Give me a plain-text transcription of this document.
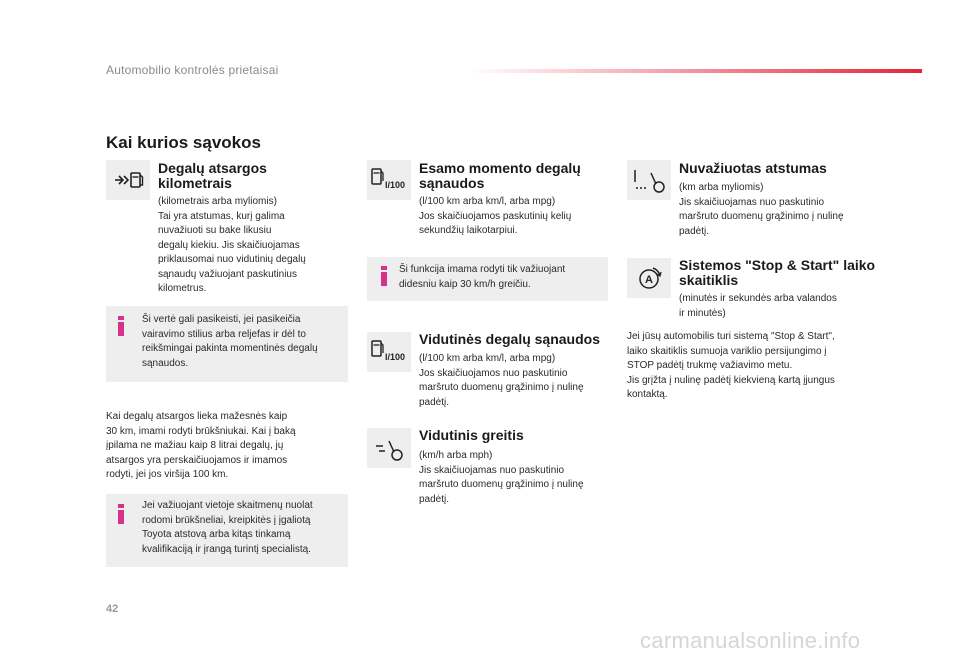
Automobilio kontrolės prietaisai
Kai kurios sąvokos
Degalų atsargos kilometrais
(kilometrais arba myliomis)
Tai yra atstumas, kurį galima
nuvažiuoti su bake likusiu
degalų kiekiu. Jis skaičiuojamas
priklausomai nuo vidutinių degalų
sąnaudų važiuojant paskutinius
kilometrus.
Ši vertė gali pasikeisti, jei pasikeičia
vairavimo stilius arba reljefas ir dėl to
reikšmingai pakinta momentinės degalų
sąnaudos.
Kai degalų atsargos lieka mažesnės kaip
30 km, imami rodyti brūkšniukai. Kai į baką
įpilama ne mažiau kaip 8 litrai degalų, jų
atsargos yra perskaičiuojamos ir imamos
rodyti, jei jos viršija 100 km.
Jei važiuojant vietoje skaitmenų nuolat
rodomi brūkšneliai, kreipkitės į įgaliotą
Toyota atstovą arba kitąs tinkamą
kvalifikaciją ir įrangą turintį specialistą.
l/100
Esamo momento degalų sąnaudos
(l/100 km arba km/l, arba mpg)
Jos skaičiuojamos paskutinių kelių
sekundžių laikotarpiui.
Ši funkcija imama rodyti tik važiuojant
didesniu kaip 30 km/h greičiu.
l/100
Vidutinės degalų sąnaudos
(l/100 km arba km/l, arba mpg)
Jos skaičiuojamos nuo paskutinio
maršruto duomenų grąžinimo į nulinę
padėtį.
Vidutinis greitis
(km/h arba mph)
Jis skaičiuojamas nuo paskutinio
maršruto duomenų grąžinimo į nulinę
padėtį.
Nuvažiuotas atstumas
(km arba myliomis)
Jis skaičiuojamas nuo paskutinio
maršruto duomenų grąžinimo į nulinę
padėtį.
A
Sistemos "Stop & Start" laiko skaitiklis
(minutės ir sekundės arba valandos
ir minutės)
Jei jūsų automobilis turi sistemą "Stop & Start",
laiko skaitiklis sumuoja variklio persijungimo į
STOP padėtį trukmę važiavimo metu.
Jis grįžta į nulinę padėtį kiekvieną kartą įjungus
kontaktą.
42
carmanualsonline.info
